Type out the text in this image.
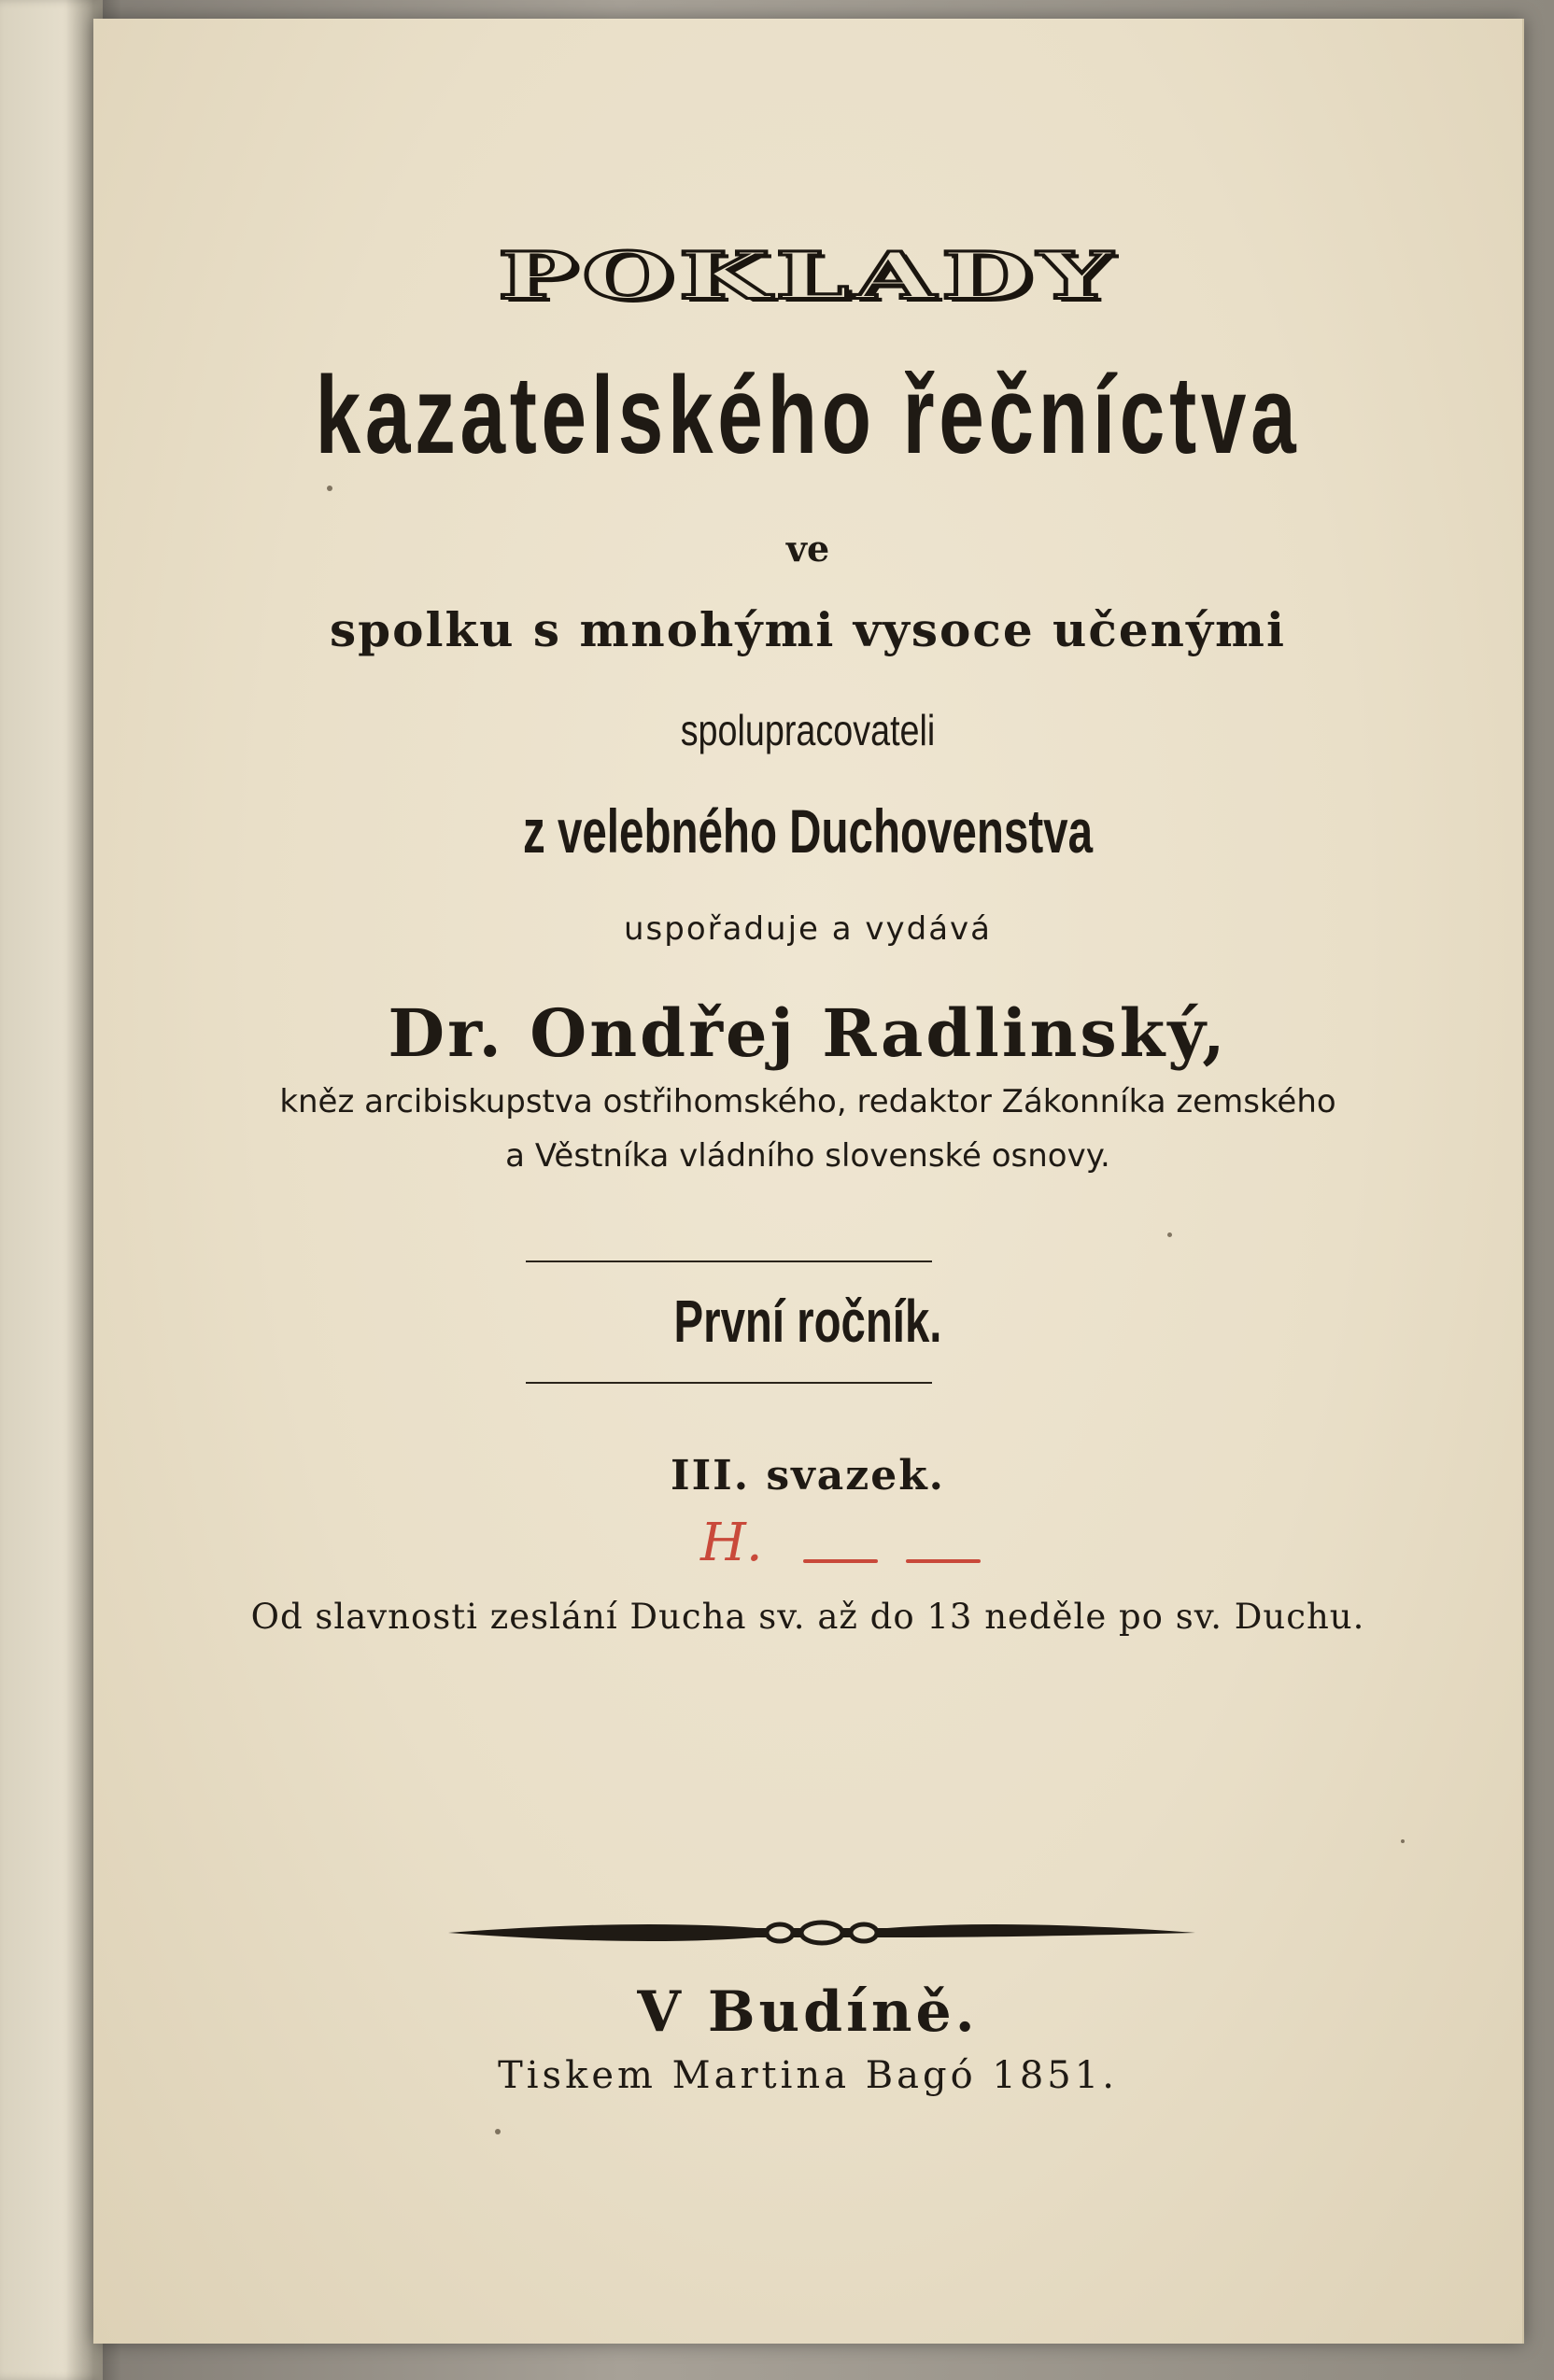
POKLADY
kazatelského řečníctva
ve
spolku s mnohými vysoce učenými
spolupracovateli
z velebného Duchovenstva
uspořaduje a vydává
Dr. Ondřej Radlinský,
kněz arcibiskupstva ostřihomského, redaktor Zákonníka zemského
a Věstníka vládního slovenské osnovy.
První ročník.
III. svazek.
H.
Od slavnosti zeslání Ducha sv. až do 13 neděle po sv. Duchu.
V Budíně.
Tiskem Martina Bagó 1851.
